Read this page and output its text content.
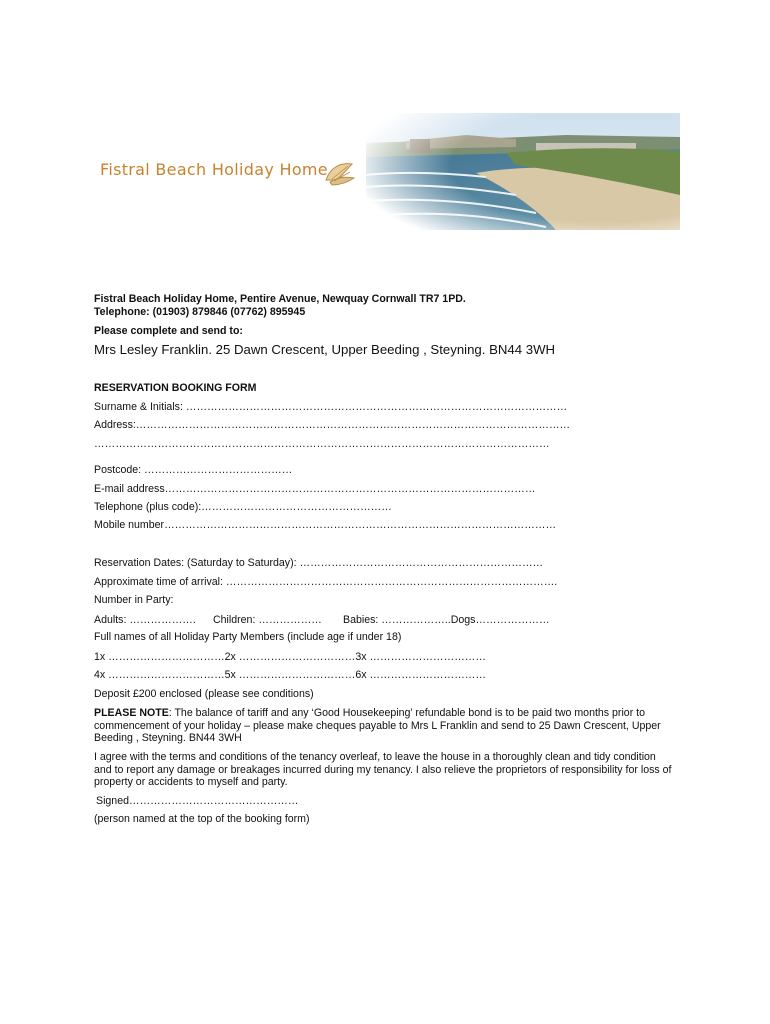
Fistral Beach Holiday Home
Fistral Beach Holiday Home, Pentire Avenue, Newquay Cornwall TR7 1PD.
Telephone: (01903) 879846 (07762) 895945
Please complete and send to:
Mrs Lesley Franklin. 25 Dawn Crescent, Upper Beeding , Steyning. BN44 3WH
RESERVATION BOOKING FORM
Surname & Initials: ………………………………………………………………………………………………
Address:……………………………………………………………………………………………………………
…………………………………………………………………………………………………………………
Postcode: ……………………………………
E-mail address……………………………………………………………………………………………
Telephone (plus code):………………………………………………
Mobile number…………………………………………………………………………………………………
Reservation Dates: (Saturday to Saturday): ……………………………………………………………
Approximate time of arrival: ………………………………………………………………………………….
Number in Party:
Adults: ………………. Children: ……………… Babies: ………………..Dogs…………………
Full names of all Holiday Party Members (include age if under 18)
1x ……………………………2x ……………………………3x ……………………………
4x ……………………………5x ……………………………6x ……………………………
Deposit £200 enclosed (please see conditions)
PLEASE NOTE: The balance of tariff and any ‘Good Housekeeping’ refundable bond is to be paid two months prior to commencement of your holiday – please make cheques payable to Mrs L Franklin and send to 25 Dawn Crescent, Upper Beeding , Steyning. BN44 3WH
I agree with the terms and conditions of the tenancy overleaf, to leave the house in a thoroughly clean and tidy condition and to report any damage or breakages incurred during my tenancy. I also relieve the proprietors of responsibility for loss of property or accidents to myself and party.
Signed…………………………………………
(person named at the top of the booking form)
